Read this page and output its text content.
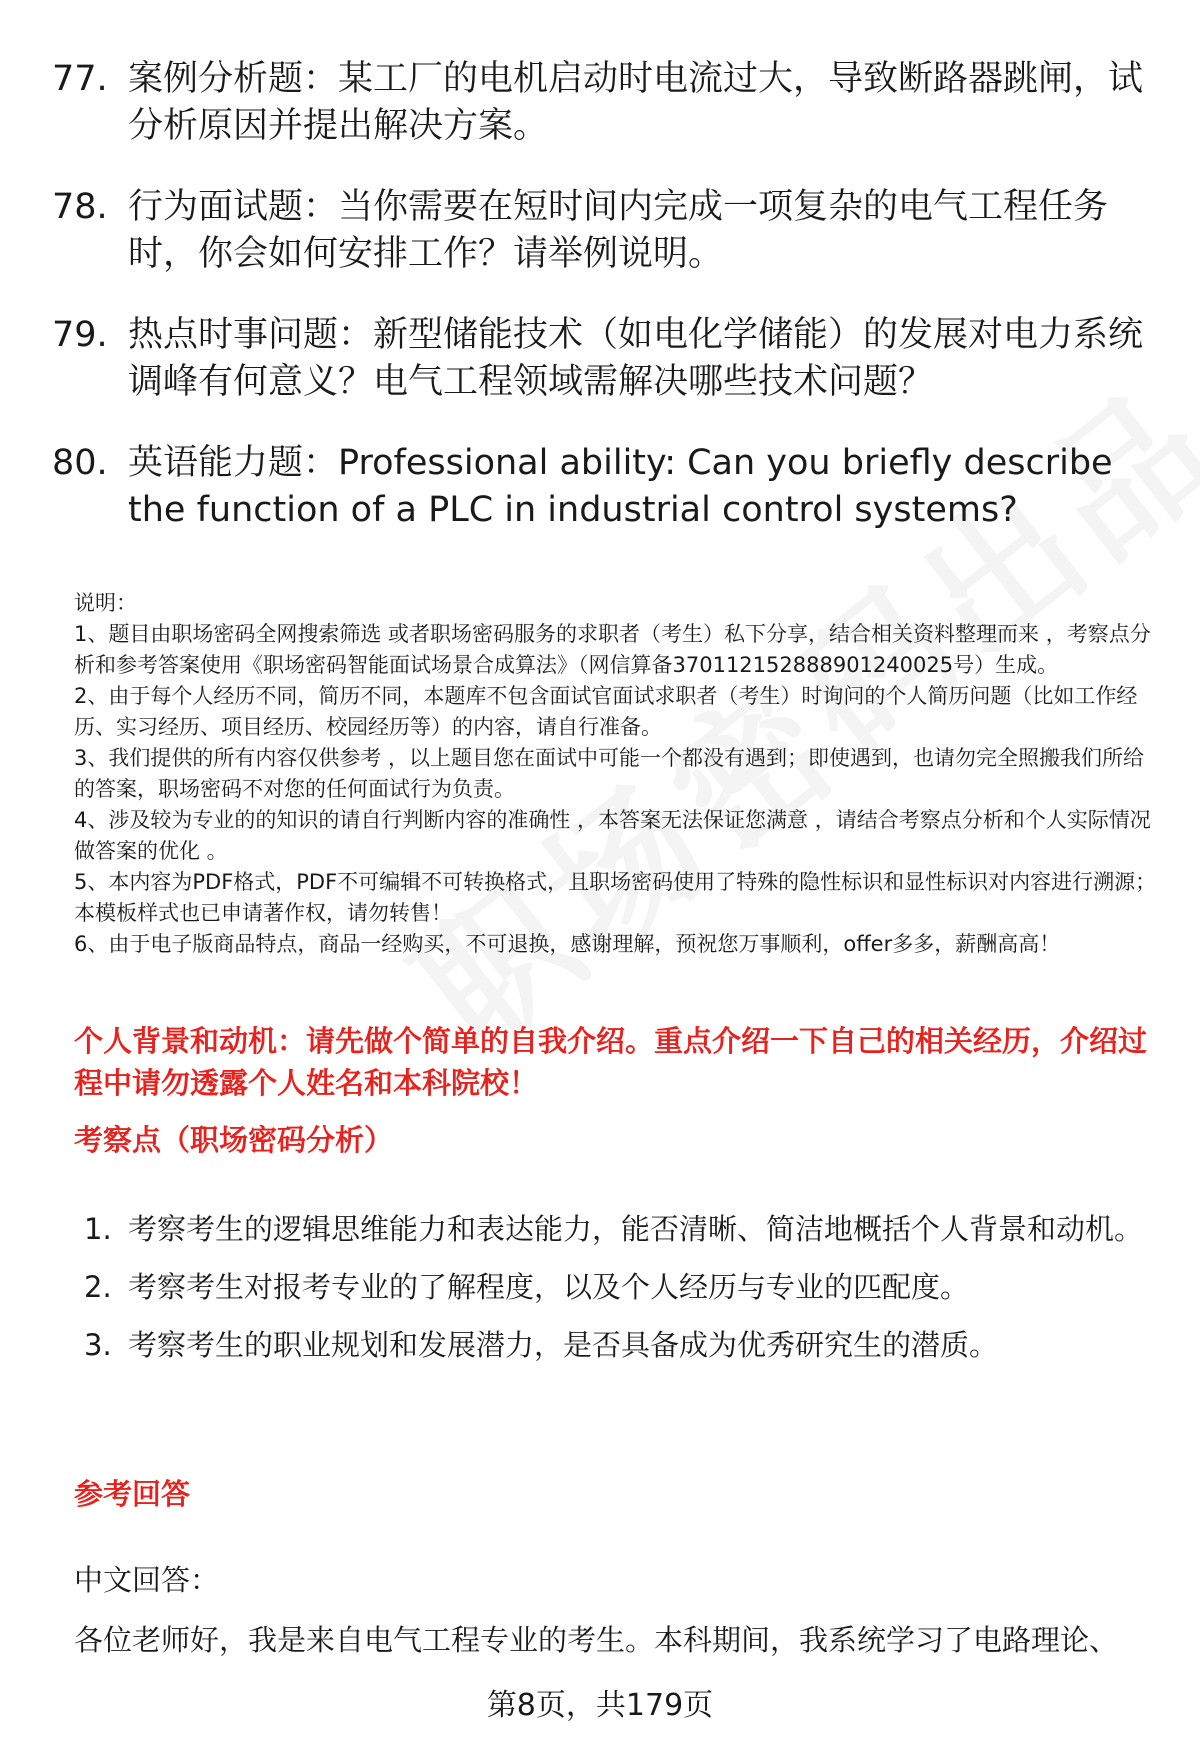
77. 案例分析题：某工厂的电机启动时电流过大，导致断路器跳闸，试分析原因并提出解决方案。
78. 行为面试题：当你需要在短时间内完成一项复杂的电气工程任务时，你会如何安排工作？请举例说明。
79. 热点时事问题：新型储能技术（如电化学储能）的发展对电力系统调峰有何意义？电气工程领域需解决哪些技术问题？
80. 英语能力题：Professional ability: Can you briefly describe the function of a PLC in industrial control systems?

说明：

1、题目由职场密码全网搜索筛选 或者职场密码服务的求职者（考生）私下分享，结合相关资料整理而来 ，考察点分析和参考答案使用《职场密码智能面试场景合成算法》（网信算备370112152888901240025号）生成。

2、由于每个人经历不同，简历不同，本题库不包含面试官面试求职者（考生）时询问的个人简历问题（比如工作经历、实习经历、项目经历、校园经历等）的内容，请自行准备。

3、我们提供的所有内容仅供参考 ，以上题目您在面试中可能一个都没有遇到；即使遇到，也请勿完全照搬我们所给的答案，职场密码不对您的任何面试行为负责。

4、涉及较为专业的的知识的请自行判断内容的准确性 ，本答案无法保证您满意 ，请结合考察点分析和个人实际情况做答案的优化 。

5、本内容为PDF格式，PDF不可编辑不可转换格式，且职场密码使用了特殊的隐性标识和显性标识对内容进行溯源；本模板样式也已申请著作权，请勿转售！

6、由于电子版商品特点，商品一经购买，不可退换，感谢理解，预祝您万事顺利，offer多多，薪酬高高！

个人背景和动机：请先做个简单的自我介绍。重点介绍一下自己的相关经历，介绍过程中请勿透露个人姓名和本科院校！
考察点（职场密码分析）
1. 考察考生的逻辑思维能力和表达能力，能否清晰、简洁地概括个人背景和动机。
2. 考察考生对报考专业的了解程度，以及个人经历与专业的匹配度。
3. 考察考生的职业规划和发展潜力，是否具备成为优秀研究生的潜质。
参考回答

中文回答：

各位老师好，我是来自电气工程专业的考生。本科期间，我系统学习了电路理论、

第8页，共179页
